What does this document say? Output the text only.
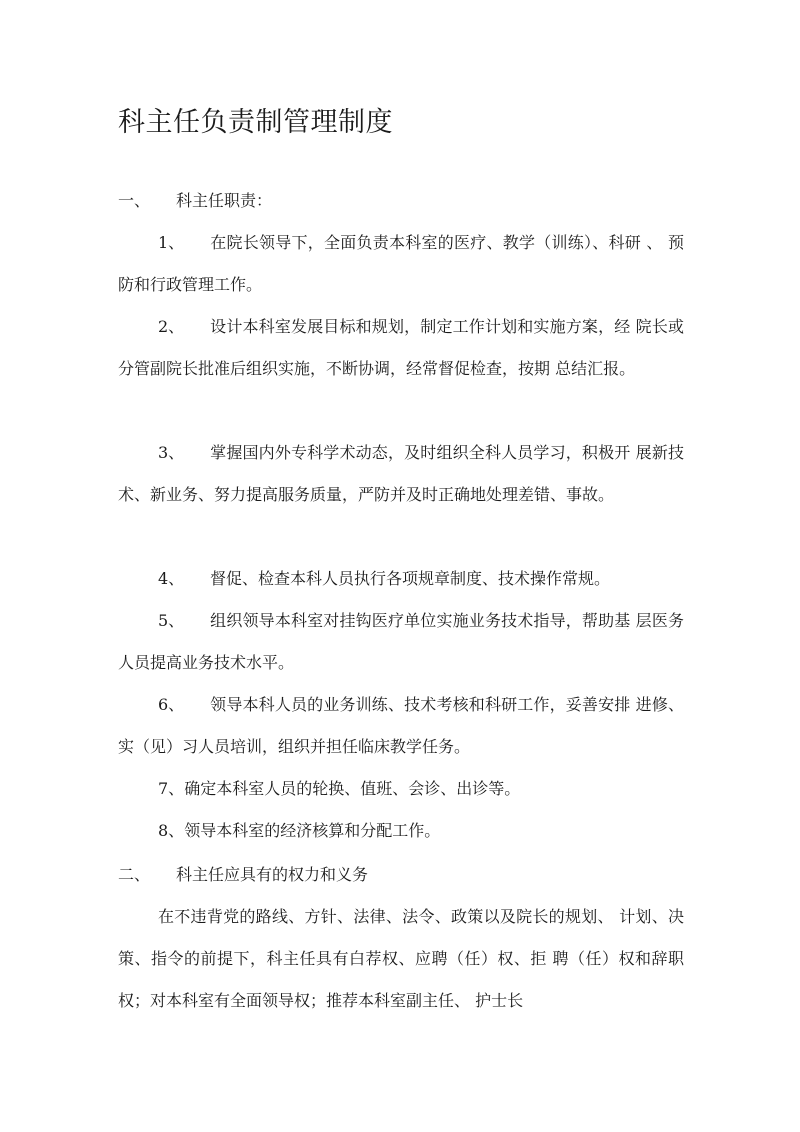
科主任负责制管理制度
一、 科主任职责：

1、 在院长领导下，全面负责本科室的医疗、教学（训练）、科研 、 预防和行政管理工作。

2、 设计本科室发展目标和规划，制定工作计划和实施方案，经 院长或分管副院长批准后组织实施，不断协调，经常督促检查，按期 总结汇报。

3、 掌握国内外专科学术动态，及时组织全科人员学习，积极开 展新技术、新业务、努力提高服务质量，严防并及时正确地处理差错、事故。

4、 督促、检查本科人员执行各项规章制度、技术操作常规。

5、 组织领导本科室对挂钩医疗单位实施业务技术指导，帮助基 层医务人员提高业务技术水平。

6、 领导本科人员的业务训练、技术考核和科研工作，妥善安排 进修、实（见）习人员培训，组织并担任临床教学任务。

7、确定本科室人员的轮换、值班、会诊、出诊等。

8、领导本科室的经济核算和分配工作。

二、 科主任应具有的权力和义务

在不违背党的路线、方针、法律、法令、政策以及院长的规划、 计划、决策、指令的前提下，科主任具有白荐权、应聘（任）权、拒 聘（任）权和辞职权；对本科室有全面领导权；推荐本科室副主任、 护士长
